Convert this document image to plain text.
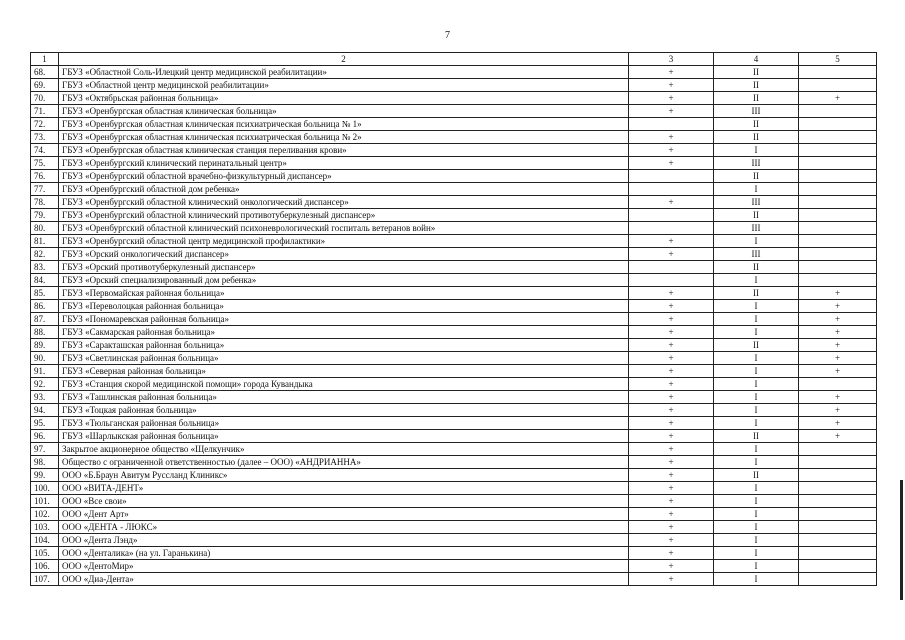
7
1	2	3	4	5
68.	ГБУЗ «Областной Соль-Илецкий центр медицинской реабилитации»	+	II	
69.	ГБУЗ «Областной центр медицинской реабилитации»	+	II	
70.	ГБУЗ «Октябрьская районная больница»	+	II	+
71.	ГБУЗ «Оренбургская областная клиническая больница»	+	III	
72.	ГБУЗ «Оренбургская областная клиническая психиатрическая больница № 1»		II	
73.	ГБУЗ «Оренбургская областная клиническая психиатрическая больница № 2»	+	II	
74.	ГБУЗ «Оренбургская областная клиническая станция переливания крови»	+	I	
75.	ГБУЗ «Оренбургский клинический перинатальный центр»	+	III	
76.	ГБУЗ «Оренбургский областной врачебно-физкультурный диспансер»		II	
77.	ГБУЗ «Оренбургский областной дом ребенка»		I	
78.	ГБУЗ «Оренбургский областной клинический онкологический диспансер»	+	III	
79.	ГБУЗ «Оренбургский областной клинический противотуберкулезный диспансер»		II	
80.	ГБУЗ «Оренбургский областной клинический психоневрологический госпиталь ветеранов войн»		III	
81.	ГБУЗ «Оренбургский областной центр медицинской профилактики»	+	I	
82.	ГБУЗ «Орский онкологический диспансер»	+	III	
83.	ГБУЗ «Орский противотуберкулезный диспансер»		II	
84.	ГБУЗ «Орский специализированный дом ребенка»		I	
85.	ГБУЗ «Первомайская районная больница»	+	II	+
86.	ГБУЗ «Переволоцкая районная больница»	+	I	+
87.	ГБУЗ «Пономаревская районная больница»	+	I	+
88.	ГБУЗ «Сакмарская районная больница»	+	I	+
89.	ГБУЗ «Саракташская районная больница»	+	II	+
90.	ГБУЗ «Светлинская районная больница»	+	I	+
91.	ГБУЗ «Северная районная больница»	+	I	+
92.	ГБУЗ «Станция скорой медицинской помощи» города Кувандыка	+	I	
93.	ГБУЗ «Ташлинская районная больница»	+	I	+
94.	ГБУЗ «Тоцкая районная больница»	+	I	+
95.	ГБУЗ «Тюльганская районная больница»	+	I	+
96.	ГБУЗ «Шарлыкская районная больница»	+	II	+
97.	Закрытое акционерное общество «Щелкунчик»	+	I	
98.	Общество с ограниченной ответственностью (далее – ООО) «АНДРИАННА»	+	I	
99.	ООО «Б.Браун Авитум Руссланд Клиникс»	+	II	
100.	ООО «ВИТА-ДЕНТ»	+	I	
101.	ООО «Все свои»	+	I	
102.	ООО «Дент Арт»	+	I	
103.	ООО «ДЕНТА - ЛЮКС»	+	I	
104.	ООО «Дента Лэнд»	+	I	
105.	ООО «Денталика» (на ул. Гаранькина)	+	I	
106.	ООО «ДентоМир»	+	I	
107.	ООО «Диа-Дента»	+	I	
